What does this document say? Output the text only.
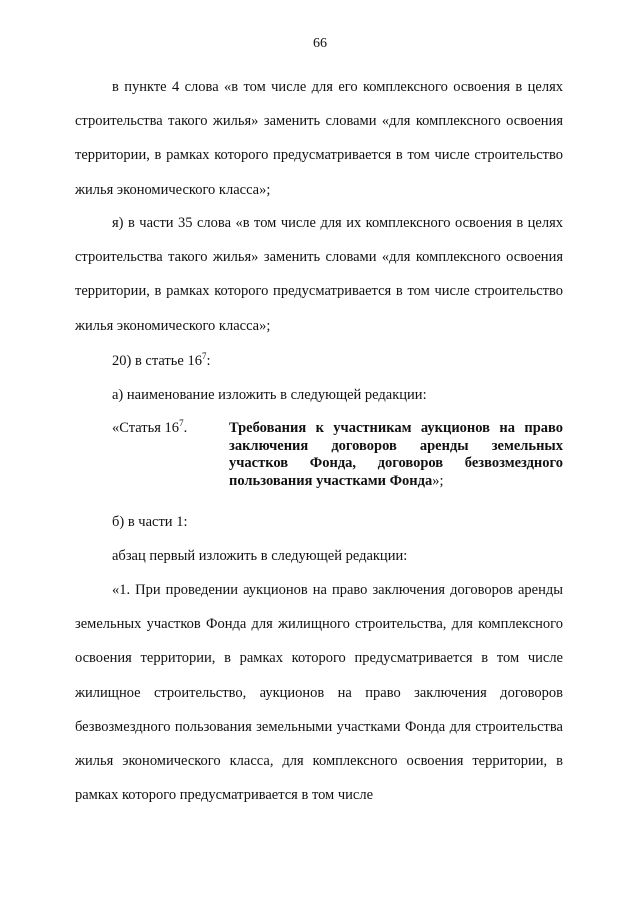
66

в пункте 4 слова «в том числе для его комплексного освоения в целях строительства такого жилья» заменить словами «для комплексного освоения территории, в рамках которого предусматривается в том числе строительство жилья экономического класса»;

я) в части 35 слова «в том числе для их комплексного освоения в целях строительства такого жилья» заменить словами «для комплексного освоения территории, в рамках которого предусматривается в том числе строительство жилья экономического класса»;

20) в статье $16^7$:

а) наименование изложить в следующей редакции:

«Статья $16^7$.	Требования к участникам аукционов на право заключения договоров аренды земельных участков Фонда, договоров безвозмездного пользования участками Фонда»;

б) в части 1:

абзац первый изложить в следующей редакции:

«1. При проведении аукционов на право заключения договоров аренды земельных участков Фонда для жилищного строительства, для комплексного освоения территории, в рамках которого предусматривается в том числе жилищное строительство, аукционов на право заключения договоров безвозмездного пользования земельными участками Фонда для строительства жилья экономического класса, для комплексного освоения территории, в рамках которого предусматривается в том числе
